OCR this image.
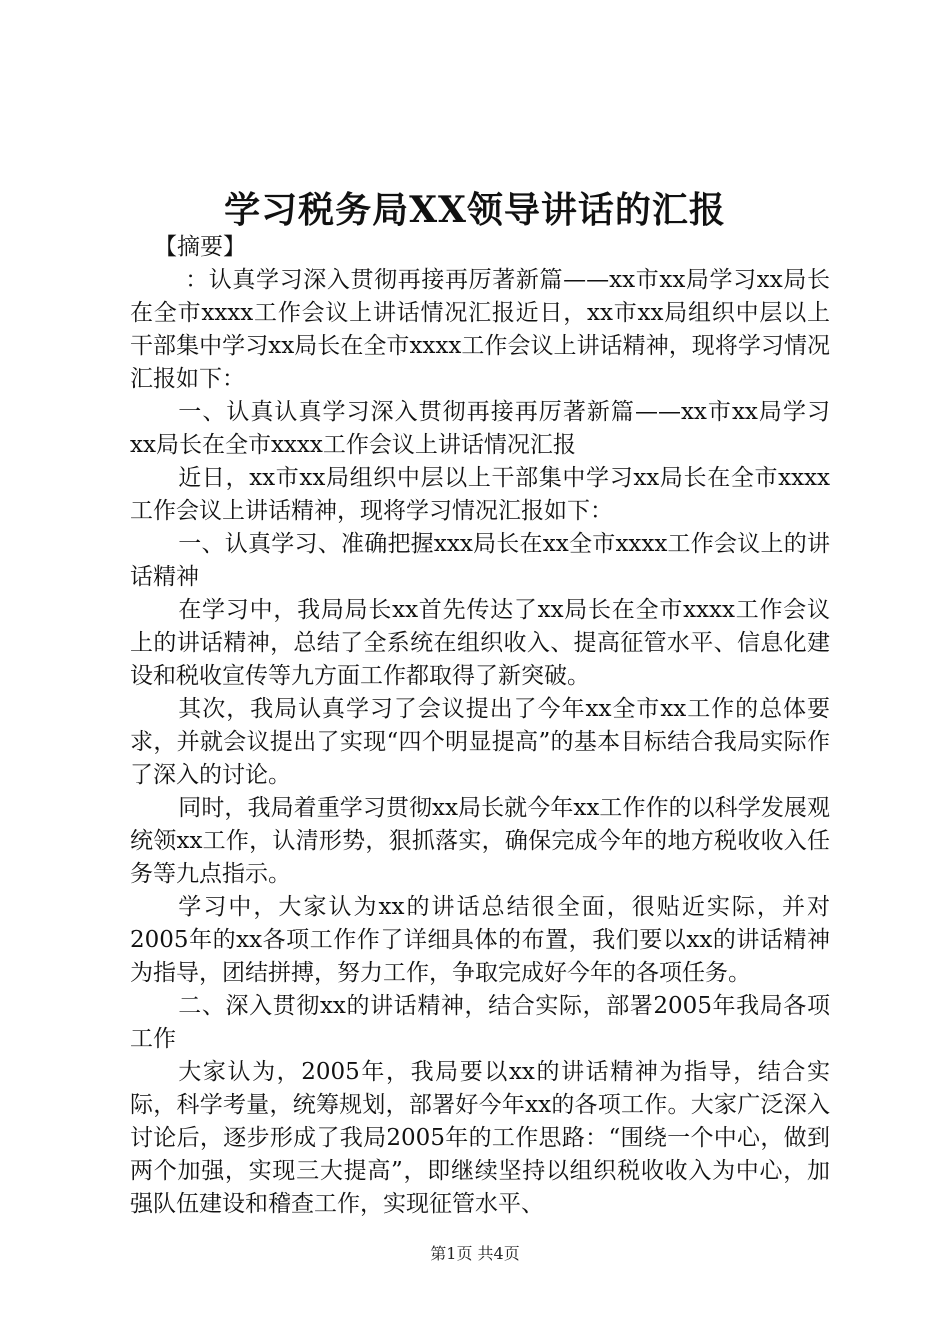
学习税务局XX领导讲话的汇报
【摘要】

：认真学习深入贯彻再接再厉著新篇——xx市xx局学习xx局长在全市xxxx工作会议上讲话情况汇报近日，xx市xx局组织中层以上干部集中学习xx局长在全市xxxx工作会议上讲话精神，现将学习情况汇报如下：

一、认真认真学习深入贯彻再接再厉著新篇——xx市xx局学习xx局长在全市xxxx工作会议上讲话情况汇报

近日，xx市xx局组织中层以上干部集中学习xx局长在全市xxxx工作会议上讲话精神，现将学习情况汇报如下：

一、认真学习、准确把握xxx局长在xx全市xxxx工作会议上的讲话精神

在学习中，我局局长xx首先传达了xx局长在全市xxxx工作会议上的讲话精神，总结了全系统在组织收入、提高征管水平、信息化建设和税收宣传等九方面工作都取得了新突破。

其次，我局认真学习了会议提出了今年xx全市xx工作的总体要求，并就会议提出了实现“四个明显提高”的基本目标结合我局实际作了深入的讨论。

同时，我局着重学习贯彻xx局长就今年xx工作作的以科学发展观统领xx工作，认清形势，狠抓落实，确保完成今年的地方税收收入任务等九点指示。

学习中，大家认为xx的讲话总结很全面，很贴近实际，并对2005年的xx各项工作作了详细具体的布置，我们要以xx的讲话精神为指导，团结拼搏，努力工作，争取完成好今年的各项任务。

二、深入贯彻xx的讲话精神，结合实际，部署2005年我局各项工作

大家认为，2005年，我局要以xx的讲话精神为指导，结合实际，科学考量，统筹规划，部署好今年xx的各项工作。大家广泛深入讨论后，逐步形成了我局2005年的工作思路：“围绕一个中心，做到两个加强，实现三大提高”，即继续坚持以组织税收收入为中心，加强队伍建设和稽查工作，实现征管水平、

第1页 共4页
